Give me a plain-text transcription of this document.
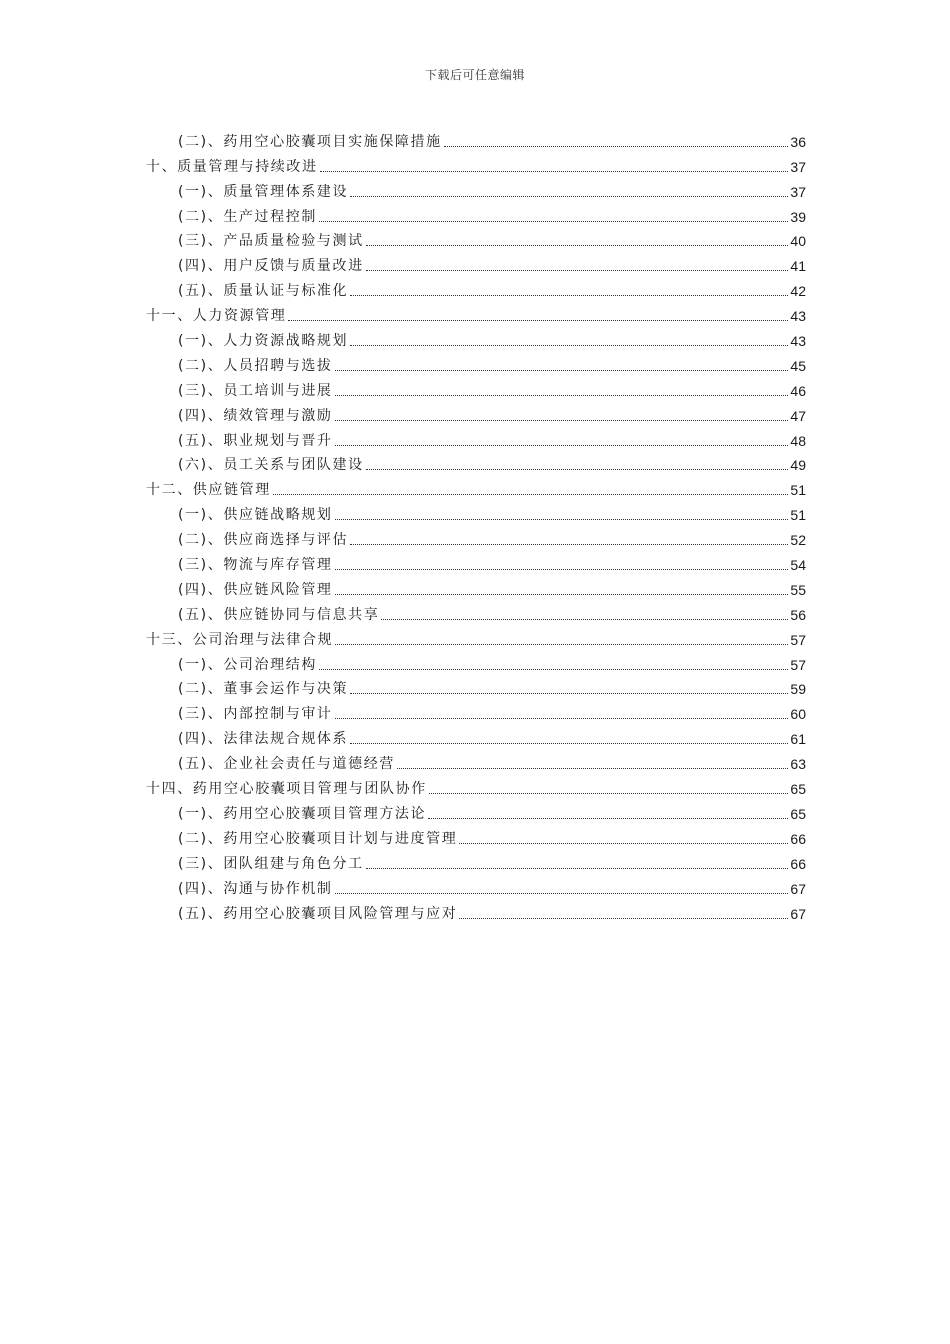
下载后可任意编辑
(二)、药用空心胶囊项目实施保障措施	36
十、质量管理与持续改进	37
(一)、质量管理体系建设	37
(二)、生产过程控制	39
(三)、产品质量检验与测试	40
(四)、用户反馈与质量改进	41
(五)、质量认证与标准化	42
十一、人力资源管理	43
(一)、人力资源战略规划	43
(二)、人员招聘与选拔	45
(三)、员工培训与进展	46
(四)、绩效管理与激励	47
(五)、职业规划与晋升	48
(六)、员工关系与团队建设	49
十二、供应链管理	51
(一)、供应链战略规划	51
(二)、供应商选择与评估	52
(三)、物流与库存管理	54
(四)、供应链风险管理	55
(五)、供应链协同与信息共享	56
十三、公司治理与法律合规	57
(一)、公司治理结构	57
(二)、董事会运作与决策	59
(三)、内部控制与审计	60
(四)、法律法规合规体系	61
(五)、企业社会责任与道德经营	63
十四、药用空心胶囊项目管理与团队协作	65
(一)、药用空心胶囊项目管理方法论	65
(二)、药用空心胶囊项目计划与进度管理	66
(三)、团队组建与角色分工	66
(四)、沟通与协作机制	67
(五)、药用空心胶囊项目风险管理与应对	67
